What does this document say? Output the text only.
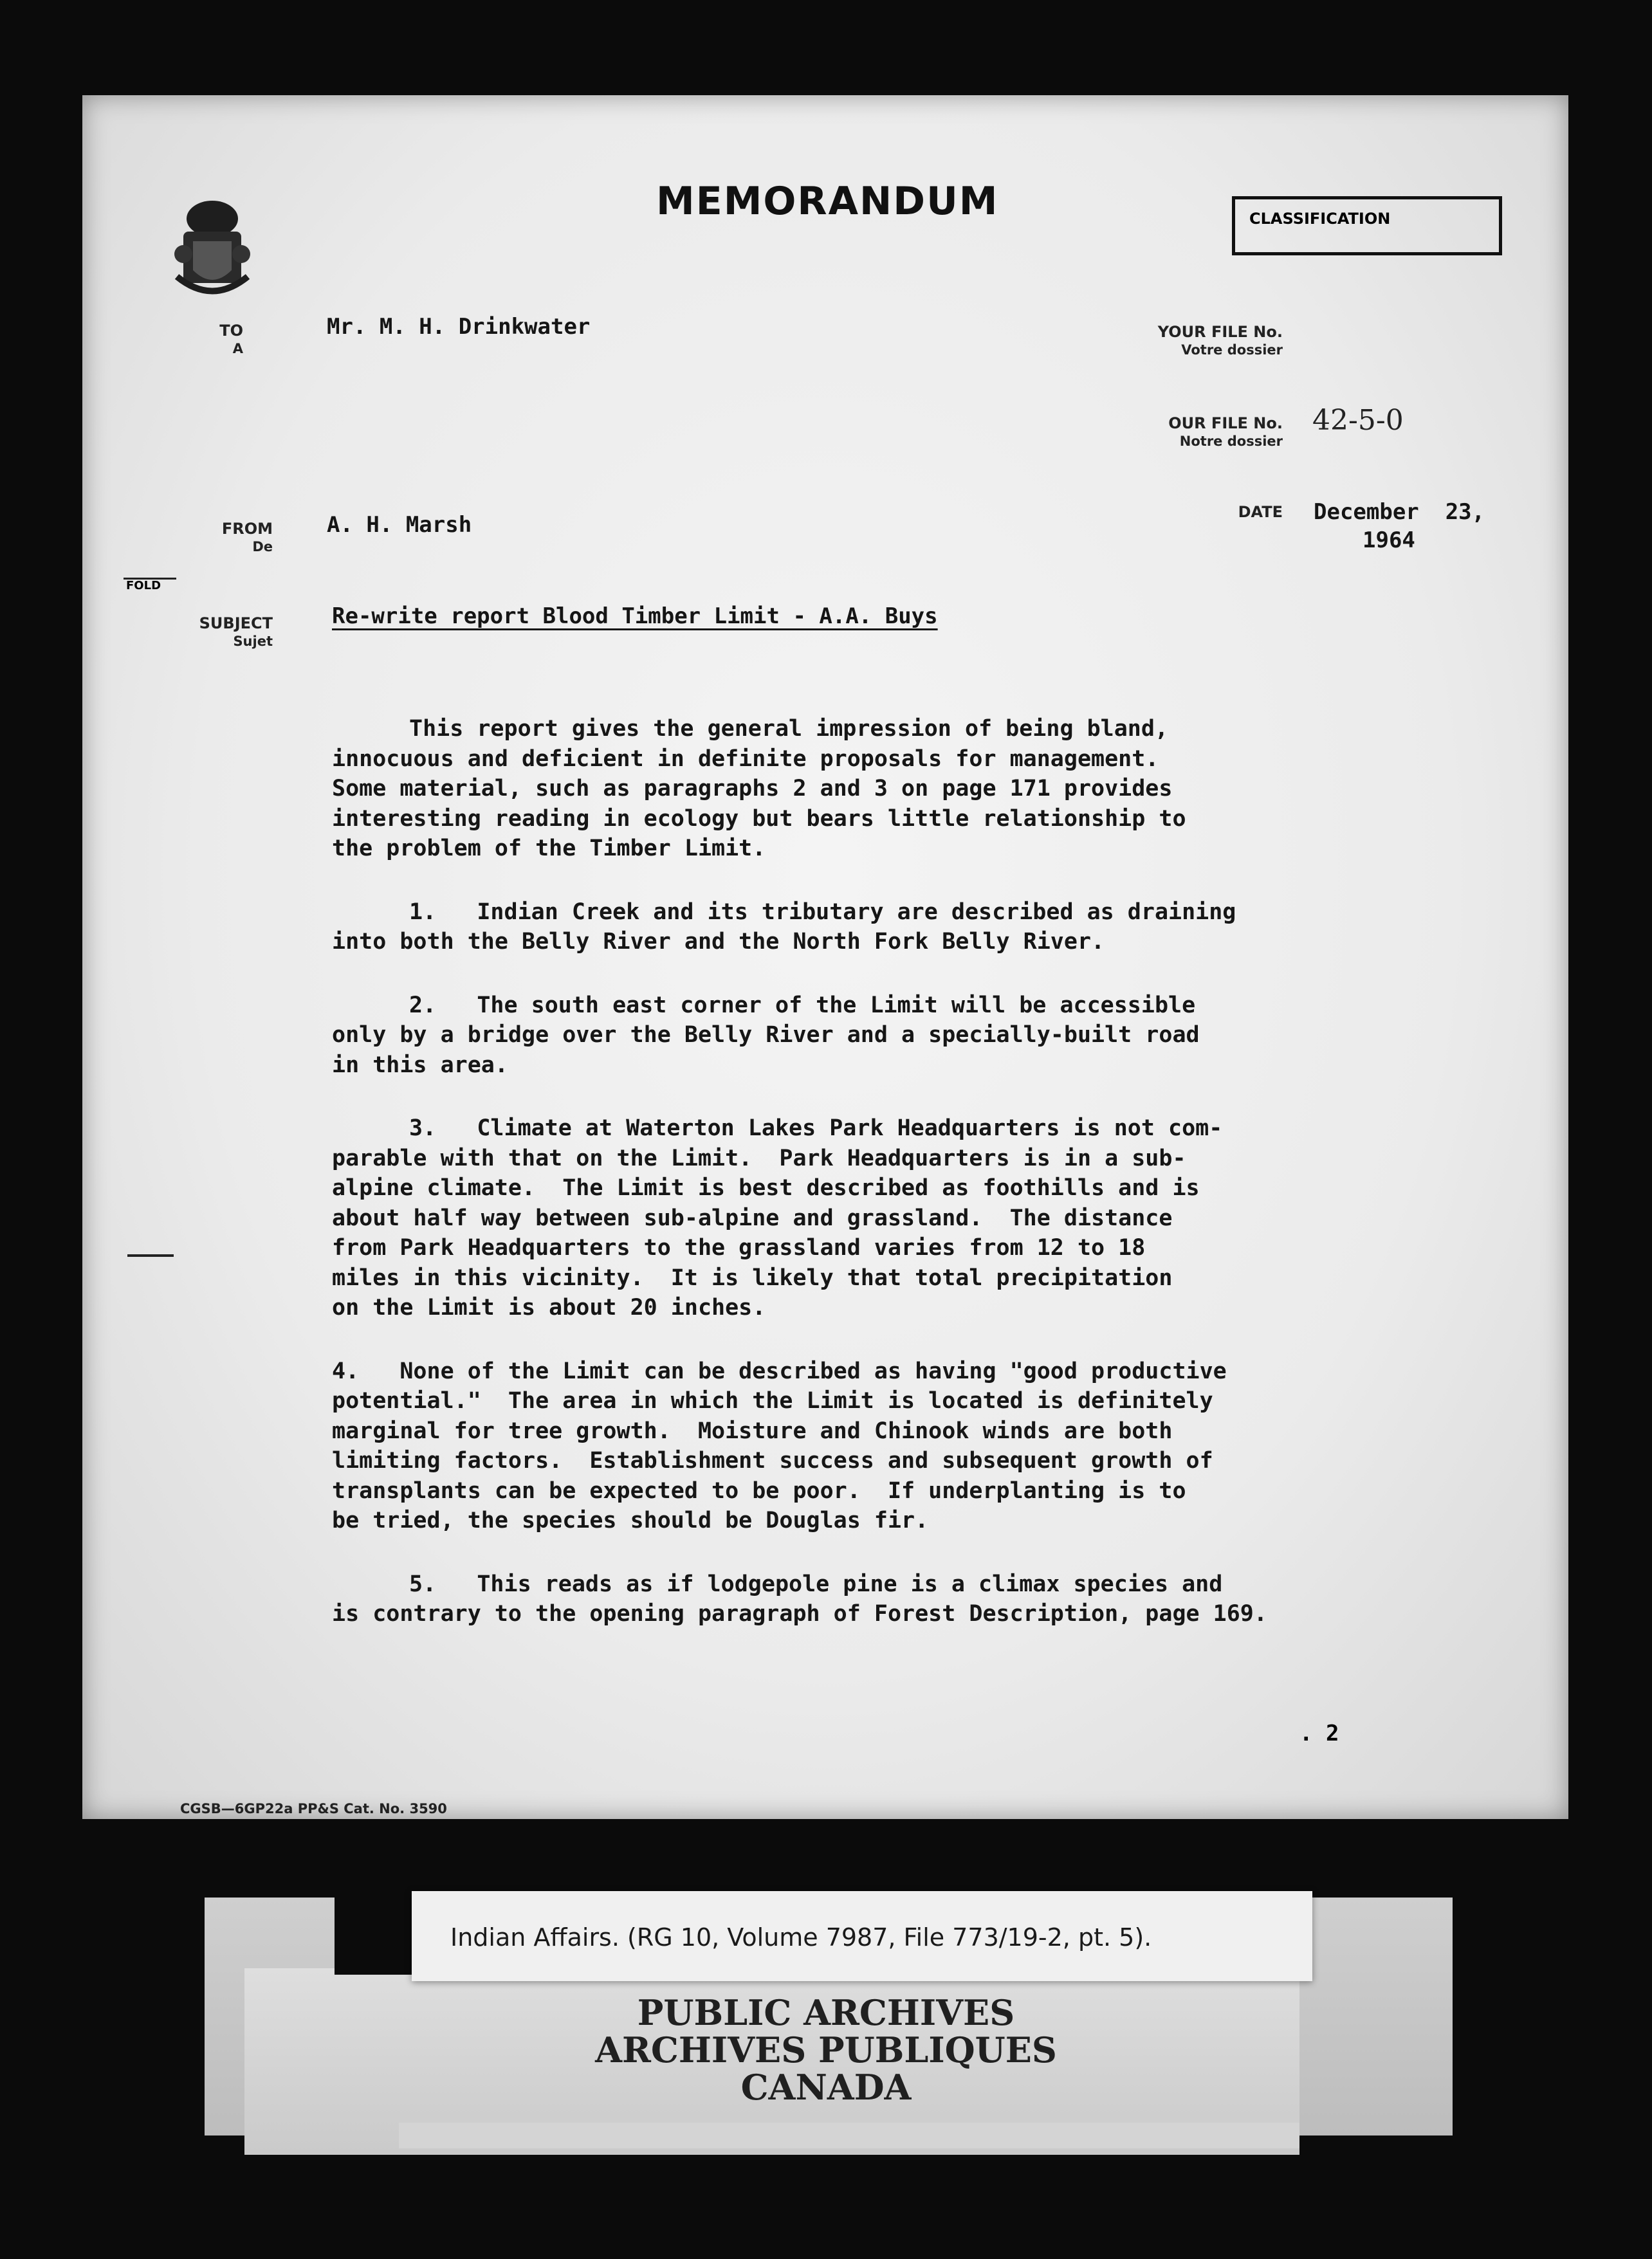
MEMORANDUM	CLASSIFICATION
TO
A
FROM
De
FOLD
SUBJECT
Sujet
YOUR FILE No.
Votre dossier
OUR FILE No.
Notre dossier
DATE
Mr. M. H. Drinkwater
A. H. Marsh
Re-write report Blood Timber Limit - A.A. Buys
42-5-0
December  23,
1964

This report gives the general impression of being bland,
innocuous and deficient in definite proposals for management.
Some material, such as paragraphs 2 and 3 on page 171 provides
interesting reading in ecology but bears little relationship to
the problem of the Timber Limit.

1.   Indian Creek and its tributary are described as draining
into both the Belly River and the North Fork Belly River.

2.   The south east corner of the Limit will be accessible
only by a bridge over the Belly River and a specially-built road
in this area.

3.   Climate at Waterton Lakes Park Headquarters is not com-
parable with that on the Limit.  Park Headquarters is in a sub-
alpine climate.  The Limit is best described as foothills and is
about half way between sub-alpine and grassland.  The distance
from Park Headquarters to the grassland varies from 12 to 18
miles in this vicinity.  It is likely that total precipitation
on the Limit is about 20 inches.

4.   None of the Limit can be described as having "good productive
potential."  The area in which the Limit is located is definitely
marginal for tree growth.  Moisture and Chinook winds are both
limiting factors.  Establishment success and subsequent growth of
transplants can be expected to be poor.  If underplanting is to
be tried, the species should be Douglas fir.

5.   This reads as if lodgepole pine is a climax species and
is contrary to the opening paragraph of Forest Description, page 169.

. 2
CGSB—6GP22a PP&S Cat. No. 3590
Indian Affairs. (RG 10, Volume 7987, File 773/19-2, pt. 5).
PUBLIC ARCHIVES
ARCHIVES PUBLIQUES
CANADA
